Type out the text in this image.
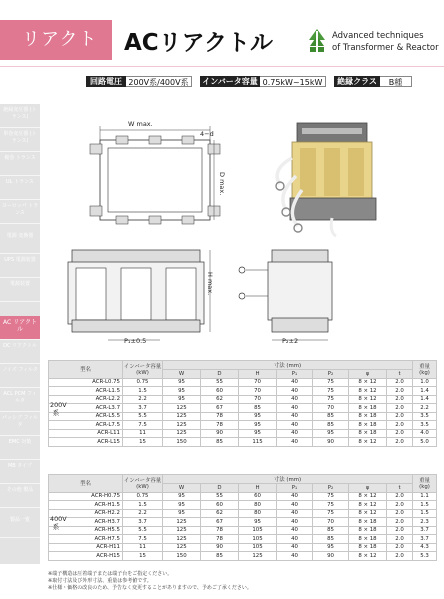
リアクトル
ACリアクトル	Advanced techniques
of Transformer & Reactor
回路電圧 200V系/400V系	インバータ容量 0.75kW~15kW	絶縁クラス	B種
絶縁変圧器 (トランス)
単巻変圧器 (トランス)
複巻 トランス
UL トランス
ヨーロッパ トランス
電源 変換器
UPS 電源装置
電源装置
AC リアクトル
DC リアクトル
ノイズ フィルタ
ACL PCM フィルタ
パッシブ フィルタ
EMC 対策
MB タイプ
その他 製品
製品一覧
W max.
4−d
D max.
H max.
P₁±0.5	P₂±2
型名	インバータ容量
(kW)	寸法 (mm)							重量
(kg)
		W	D	H	P₁	P₂	φ	t	
ACR-L0.75	0.75	95	55	70	40	75	8 × 12	2.0	1.0
ACR-L1.5	1.5	95	60	70	40	75	8 × 12	2.0	1.4
ACR-L2.2	2.2	95	62	70	40	75	8 × 12	2.0	1.4
ACR-L3.7	3.7	125	67	85	40	70	8 × 18	2.0	2.2
ACR-L5.5	5.5	125	78	95	40	85	8 × 18	2.0	3.5
ACR-L7.5	7.5	125	78	95	40	85	8 × 18	2.0	3.5
ACR-L11	11	125	90	95	40	95	8 × 18	2.0	4.0
ACR-L15	15	150	85	115	40	90	8 × 12	2.0	5.0
200V系
型名	インバータ容量
(kW)	寸法 (mm)							重量
(kg)
		W	D	H	P₁	P₂	φ	t	
ACR-H0.75	0.75	95	55	60	40	75	8 × 12	2.0	1.1
ACR-H1.5	1.5	95	60	80	40	75	8 × 12	2.0	1.5
ACR-H2.2	2.2	95	62	80	40	75	8 × 12	2.0	1.5
ACR-H3.7	3.7	125	67	95	40	70	8 × 18	2.0	2.3
ACR-H5.5	5.5	125	78	105	40	85	8 × 18	2.0	3.7
ACR-H7.5	7.5	125	78	105	40	85	8 × 18	2.0	3.7
ACR-H11	11	125	90	105	40	95	8 × 18	2.0	4.3
ACR-H15	15	150	85	125	40	90	8 × 12	2.0	5.3
400V系
※端子構造は圧着端子または端子台をご指定ください。
※取付寸法及び外形寸法、重量は参考値です。
※仕様・価格の改良のため、予告なく変更することがありますので、予めご了承ください。
